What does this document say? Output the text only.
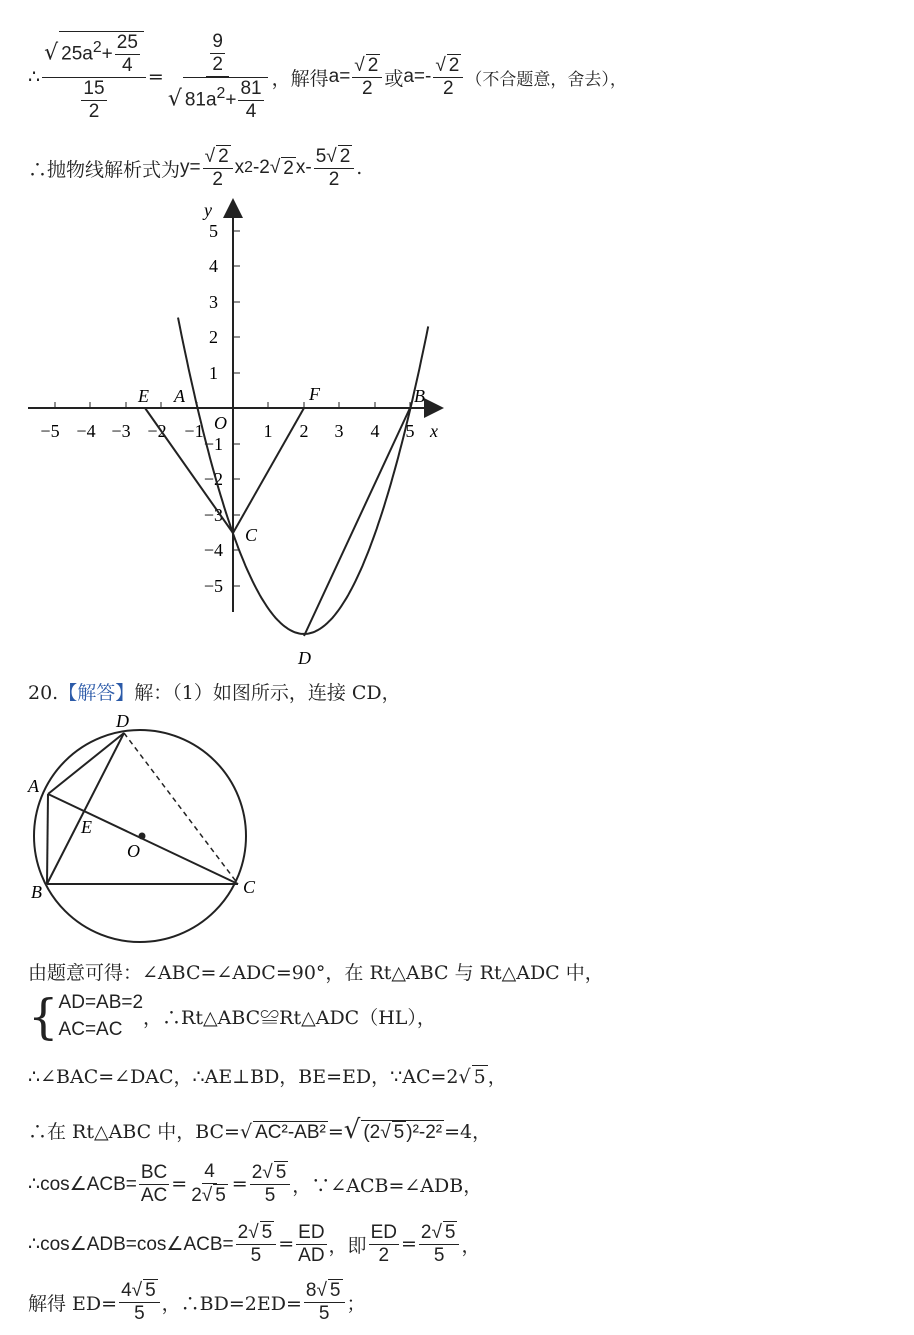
∴ $\frac{√ 25a^2+ \frac{25}{4}}{\frac{15}{2}} = \frac{\frac{9}{2}}{√ 81a^2+ \frac{81}{4}}$ ，解得 $a= \frac{√ 2}{2}$ 或 $a=- \frac{√ 2}{2}$ （不合题意，舍去），
∴抛物线解析式为 $y= \frac{√ 2}{2}$ x 2 -2 √ 2 $x- \frac{5√ 2}{2}$ .
x
y
O
−5 −4 −3 −2 −1	1 2 3 4 5
5
4
3
2
1
−1
−2
−3
−4
−5
E A	F	B
C
D
20.【解答】解：（1）如图所示，连接 CD，
D
A
E
O
B	C
由题意可得：∠ABC=∠ADC=90°，在 Rt△ABC 与 Rt△ADC 中，
{ AD=AB=2
AC=AC	，∴Rt△ABC≌Rt△ADC（HL），
∴∠BAC=∠DAC，∴AE⊥BD，BE=ED，∵AC=2√ 5 ，
∴在 Rt△ABC 中，BC=√ AC²-AB² =√ (2√ 5 )²-2² =4，
∴cos∠ACB= $\frac{BC}{AC} = \frac{4}{2√ 5} = \frac{2√ 5}{5}$ ，∵∠ACB=∠ADB，
∴cos∠ADB=cos∠ACB= $\frac{2√ 5}{5} = \frac{ED}{AD}$ ，即 $\frac{ED}{2} = \frac{2√ 5}{5}$ ，
解得 $ED= \frac{4√ 5}{5}$ ，∴BD=2ED= $\frac{8√ 5}{5}$ ；
